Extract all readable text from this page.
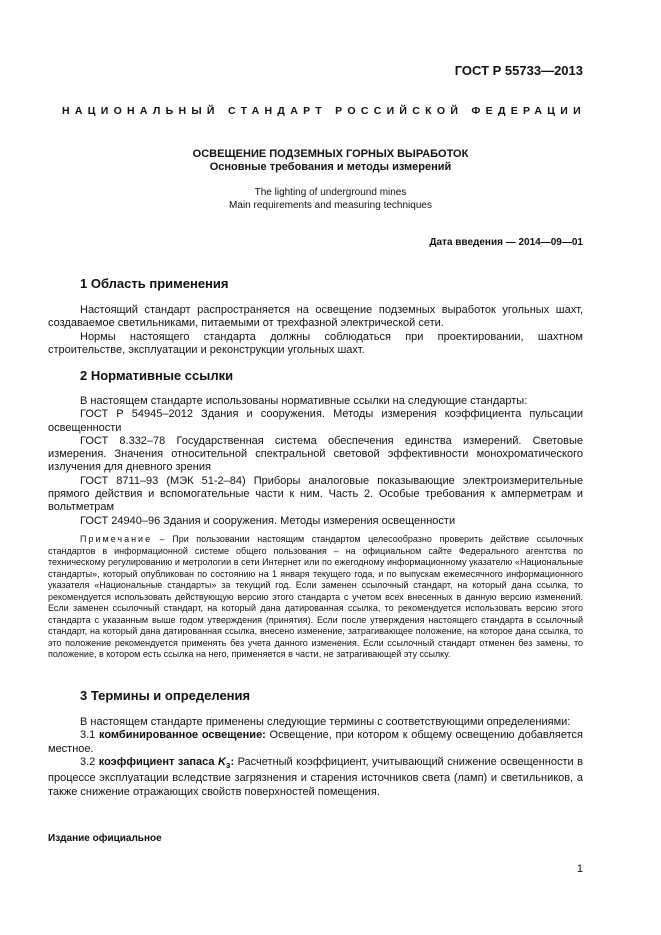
ГОСТ Р 55733—2013
НАЦИОНАЛЬНЫЙ СТАНДАРТ РОССИЙСКОЙ ФЕДЕРАЦИИ
ОСВЕЩЕНИЕ ПОДЗЕМНЫХ ГОРНЫХ ВЫРАБОТОК
Основные требования и методы измерений
The lighting of underground mines
Main requirements and measuring techniques
Дата введения — 2014—09—01
1 Область применения

Настоящий стандарт распространяется на освещение подземных выработок угольных шахт, создаваемое светильниками, питаемыми от трехфазной электрической сети.

Нормы настоящего стандарта должны соблюдаться при проектировании, шахтном строительстве, эксплуатации и реконструкции угольных шахт.

2 Нормативные ссылки

В настоящем стандарте использованы нормативные ссылки на следующие стандарты:

ГОСТ Р 54945–2012 Здания и сооружения. Методы измерения коэффициента пульсации освещенности

ГОСТ 8.332–78 Государственная система обеспечения единства измерений. Световые измерения. Значения относительной спектральной световой эффективности монохроматического излучения для дневного зрения

ГОСТ 8711–93 (МЭК 51-2–84) Приборы аналоговые показывающие электроизмерительные прямого действия и вспомогательные части к ним. Часть 2. Особые требования к амперметрам и вольтметрам

ГОСТ 24940–96 Здания и сооружения. Методы измерения освещенности

Примечание – При пользовании настоящим стандартом целесообразно проверить действие ссылочных стандартов в информационной системе общего пользования – на официальном сайте Федерального агентства по техническому регулированию и метрологии в сети Интернет или по ежегодному информационному указателю «Национальные стандарты», который опубликован по состоянию на 1 января текущего года, и по выпускам ежемесячного информационного указателя «Национальные стандарты» за текущий год. Если заменен ссылочный стандарт, на который дана ссылка, то рекомендуется использовать действующую версию этого стандарта с учетом всех внесенных в данную версию изменений. Если заменен ссылочный стандарт, на который дана датированная ссылка, то рекомендуется использовать версию этого стандарта с указанным выше годом утверждения (принятия). Если после утверждения настоящего стандарта в ссылочный стандарт, на который дана датированная ссылка, внесено изменение, затрагивающее положение, на которое дана ссылка, то это положение рекомендуется применять без учета данного изменения. Если ссылочный стандарт отменен без замены, то положение, в котором есть ссылка на него, применяется в части, не затрагивающей эту ссылку.

3 Термины и определения

В настоящем стандарте применены следующие термины с соответствующими определениями:

3.1 комбинированное освещение: Освещение, при котором к общему освещению добавляется местное.

3.2 коэффициент запаса $K_з$: Расчетный коэффициент, учитывающий снижение освещенности в процессе эксплуатации вследствие загрязнения и старения источников света (ламп) и светильников, а также снижение отражающих свойств поверхностей помещения.

Издание официальное
1
